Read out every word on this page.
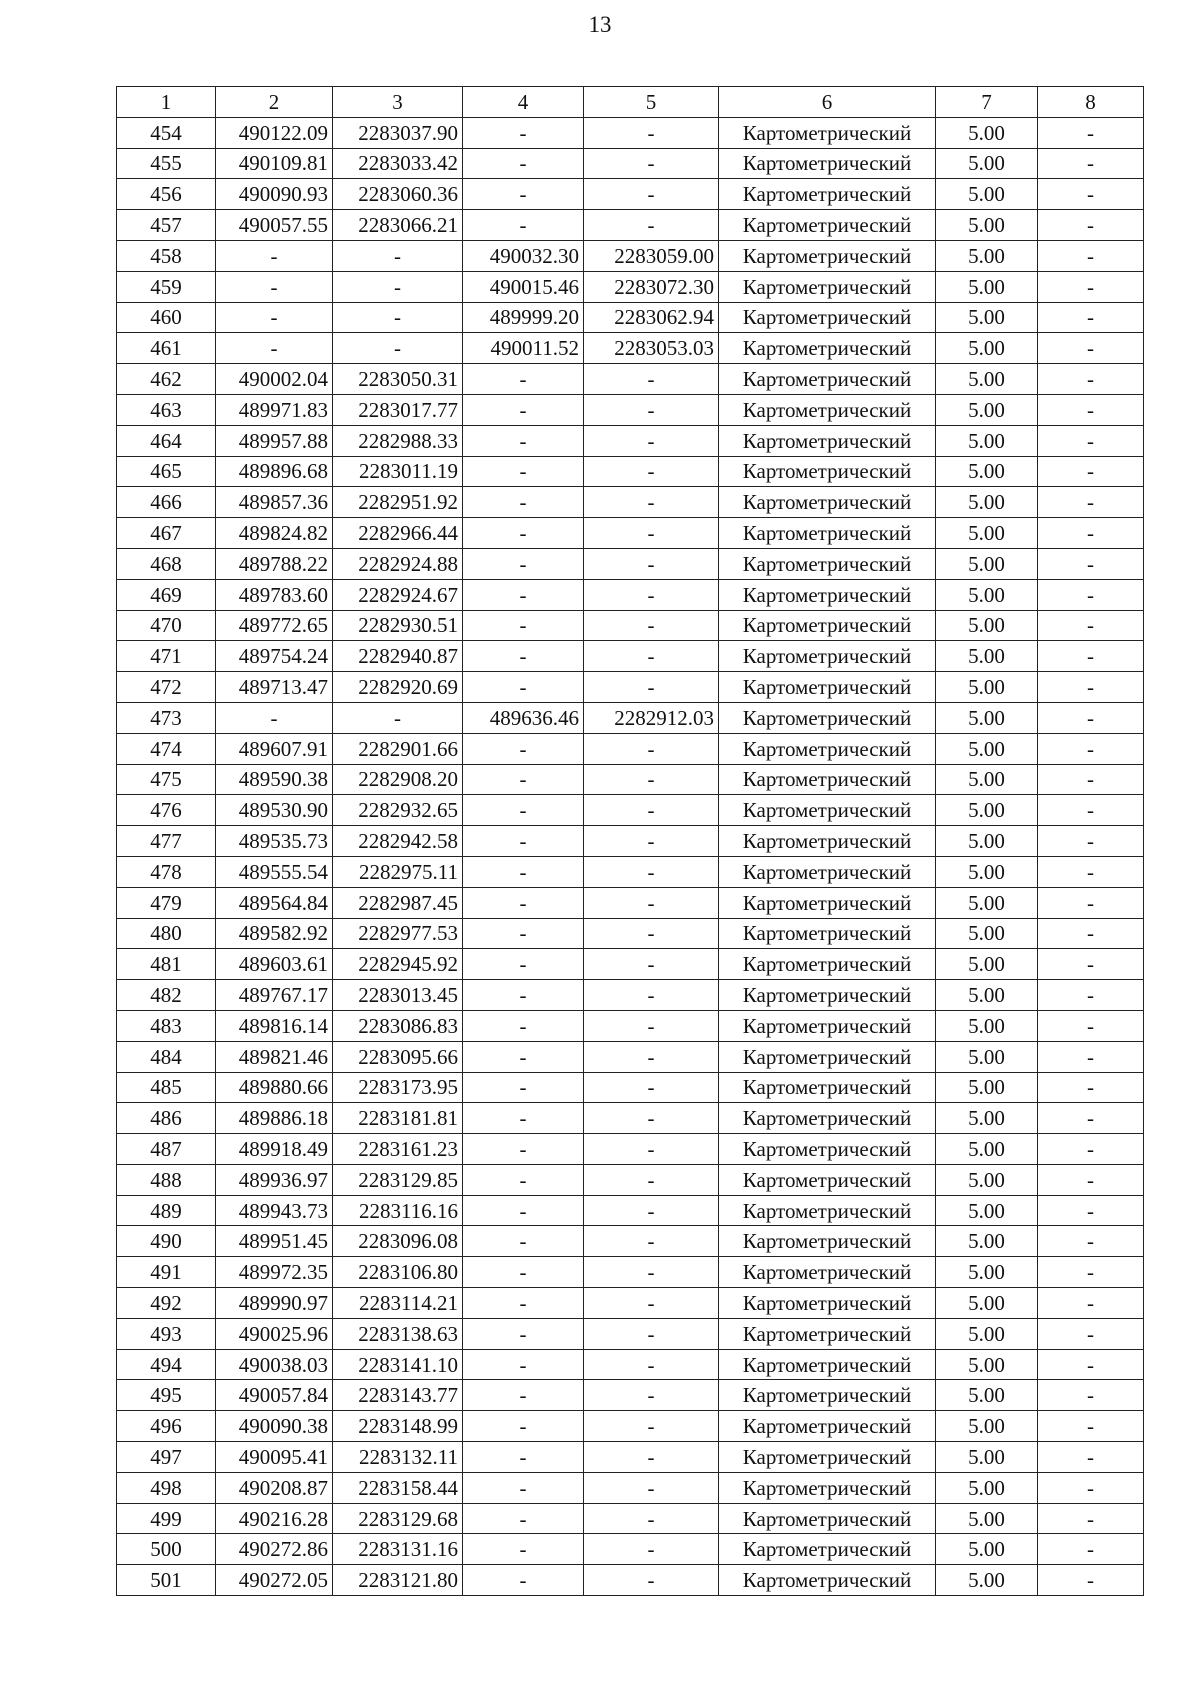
13
1	2	3	4	5	6	7	8
454	490122.09	2283037.90	-	-	Картометрический	5.00	-
455	490109.81	2283033.42	-	-	Картометрический	5.00	-
456	490090.93	2283060.36	-	-	Картометрический	5.00	-
457	490057.55	2283066.21	-	-	Картометрический	5.00	-
458	-	-	490032.30	2283059.00	Картометрический	5.00	-
459	-	-	490015.46	2283072.30	Картометрический	5.00	-
460	-	-	489999.20	2283062.94	Картометрический	5.00	-
461	-	-	490011.52	2283053.03	Картометрический	5.00	-
462	490002.04	2283050.31	-	-	Картометрический	5.00	-
463	489971.83	2283017.77	-	-	Картометрический	5.00	-
464	489957.88	2282988.33	-	-	Картометрический	5.00	-
465	489896.68	2283011.19	-	-	Картометрический	5.00	-
466	489857.36	2282951.92	-	-	Картометрический	5.00	-
467	489824.82	2282966.44	-	-	Картометрический	5.00	-
468	489788.22	2282924.88	-	-	Картометрический	5.00	-
469	489783.60	2282924.67	-	-	Картометрический	5.00	-
470	489772.65	2282930.51	-	-	Картометрический	5.00	-
471	489754.24	2282940.87	-	-	Картометрический	5.00	-
472	489713.47	2282920.69	-	-	Картометрический	5.00	-
473	-	-	489636.46	2282912.03	Картометрический	5.00	-
474	489607.91	2282901.66	-	-	Картометрический	5.00	-
475	489590.38	2282908.20	-	-	Картометрический	5.00	-
476	489530.90	2282932.65	-	-	Картометрический	5.00	-
477	489535.73	2282942.58	-	-	Картометрический	5.00	-
478	489555.54	2282975.11	-	-	Картометрический	5.00	-
479	489564.84	2282987.45	-	-	Картометрический	5.00	-
480	489582.92	2282977.53	-	-	Картометрический	5.00	-
481	489603.61	2282945.92	-	-	Картометрический	5.00	-
482	489767.17	2283013.45	-	-	Картометрический	5.00	-
483	489816.14	2283086.83	-	-	Картометрический	5.00	-
484	489821.46	2283095.66	-	-	Картометрический	5.00	-
485	489880.66	2283173.95	-	-	Картометрический	5.00	-
486	489886.18	2283181.81	-	-	Картометрический	5.00	-
487	489918.49	2283161.23	-	-	Картометрический	5.00	-
488	489936.97	2283129.85	-	-	Картометрический	5.00	-
489	489943.73	2283116.16	-	-	Картометрический	5.00	-
490	489951.45	2283096.08	-	-	Картометрический	5.00	-
491	489972.35	2283106.80	-	-	Картометрический	5.00	-
492	489990.97	2283114.21	-	-	Картометрический	5.00	-
493	490025.96	2283138.63	-	-	Картометрический	5.00	-
494	490038.03	2283141.10	-	-	Картометрический	5.00	-
495	490057.84	2283143.77	-	-	Картометрический	5.00	-
496	490090.38	2283148.99	-	-	Картометрический	5.00	-
497	490095.41	2283132.11	-	-	Картометрический	5.00	-
498	490208.87	2283158.44	-	-	Картометрический	5.00	-
499	490216.28	2283129.68	-	-	Картометрический	5.00	-
500	490272.86	2283131.16	-	-	Картометрический	5.00	-
501	490272.05	2283121.80	-	-	Картометрический	5.00	-
